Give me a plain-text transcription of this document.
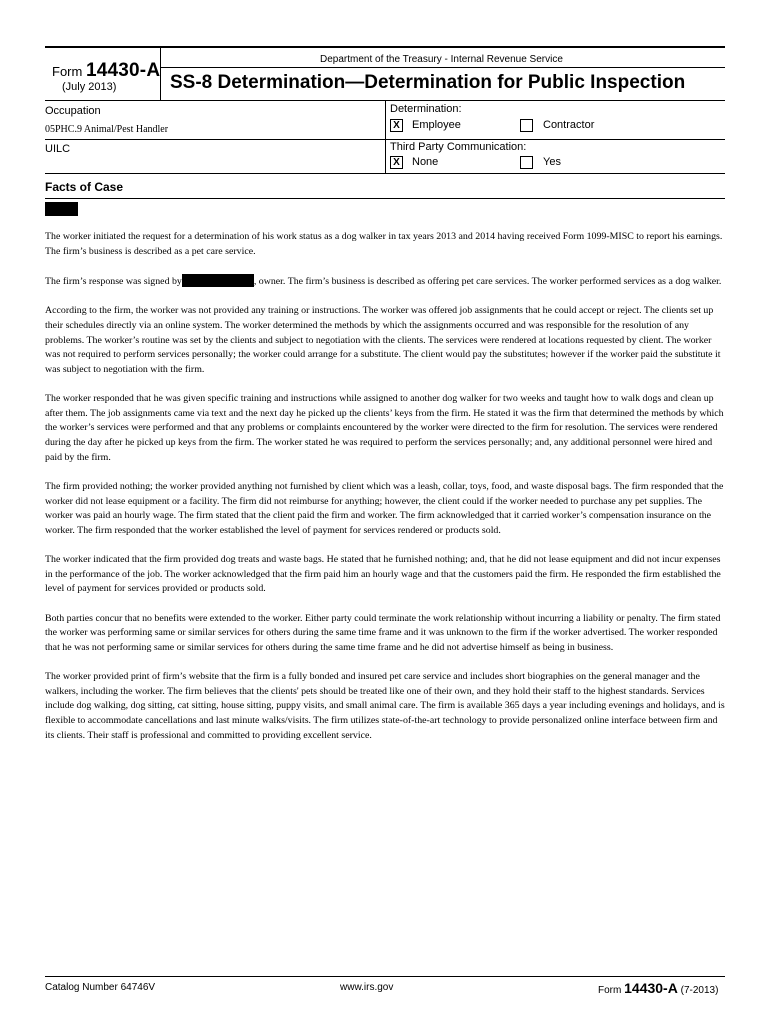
Form 14430-A
(July 2013)
Department of the Treasury - Internal Revenue Service
SS-8 Determination—Determination for Public Inspection
Occupation
05PHC.9 Animal/Pest Handler
UILC
Determination:
X Employee	Contractor
Third Party Communication:
X None	Yes
Facts of Case

The worker initiated the request for a determination of his work status as a dog walker in tax years 2013 and 2014 having received Form 1099-MISC to report his earnings. The firm’s business is described as a pet care service.

The firm’s response was signed by	, owner. The firm’s business is described as offering pet care services. The worker performed services as a dog walker.

According to the firm, the worker was not provided any training or instructions. The worker was offered job assignments that he could accept or reject. The clients set up their schedules directly via an online system. The worker determined the methods by which the assignments occurred and was responsible for the resolution of any problems. The worker’s routine was set by the clients and subject to negotiation with the clients. The services were rendered at locations requested by client. The worker was not required to perform services personally; the worker could arrange for a substitute. The client would pay the substitutes; however if the worker paid the substitute it was subject to negotiation with the firm.

The worker responded that he was given specific training and instructions while assigned to another dog walker for two weeks and taught how to walk dogs and clean up after them. The job assignments came via text and the next day he picked up the clients’ keys from the firm. He stated it was the firm that determined the methods by which the worker’s services were performed and that any problems or complaints encountered by the worker were directed to the firm for resolution. The services were rendered during the day after he picked up keys from the firm. The worker stated he was required to perform the services personally; and, any additional personnel were hired and paid by the firm.

The firm provided nothing; the worker provided anything not furnished by client which was a leash, collar, toys, food, and waste disposal bags. The firm responded that the worker did not lease equipment or a facility. The firm did not reimburse for anything; however, the client could if the worker needed to purchase any pet supplies. The worker was paid an hourly wage. The firm stated that the client paid the firm and worker. The firm acknowledged that it carried worker’s compensation insurance on the worker. The firm responded that the worker established the level of payment for services rendered or products sold.

The worker indicated that the firm provided dog treats and waste bags. He stated that he furnished nothing; and, that he did not lease equipment and did not incur expenses in the performance of the job. The worker acknowledged that the firm paid him an hourly wage and that the customers paid the firm. He responded the firm established the level of payment for services provided or products sold.

Both parties concur that no benefits were extended to the worker. Either party could terminate the work relationship without incurring a liability or penalty. The firm stated the worker was performing same or similar services for others during the same time frame and it was unknown to the firm if the worker advertised. The worker responded that he was not performing same or similar services for others during the same time frame and he did not advertise himself as being in business.

The worker provided print of firm’s website that the firm is a fully bonded and insured pet care service and includes short biographies on the general manager and the walkers, including the worker. The firm believes that the clients' pets should be treated like one of their own, and they hold their staff to the highest standards. Services include dog walking, dog sitting, cat sitting, house sitting, puppy visits, and small animal care. The firm is available 365 days a year including evenings and holidays, and is flexible to accommodate cancellations and last minute walks/visits. The firm utilizes state-of-the-art technology to provide personalized online interface between firm and its clients. Their staff is professional and committed to providing excellent service.

Catalog Number 64746V	www.irs.gov	Form 14430-A (7-2013)
